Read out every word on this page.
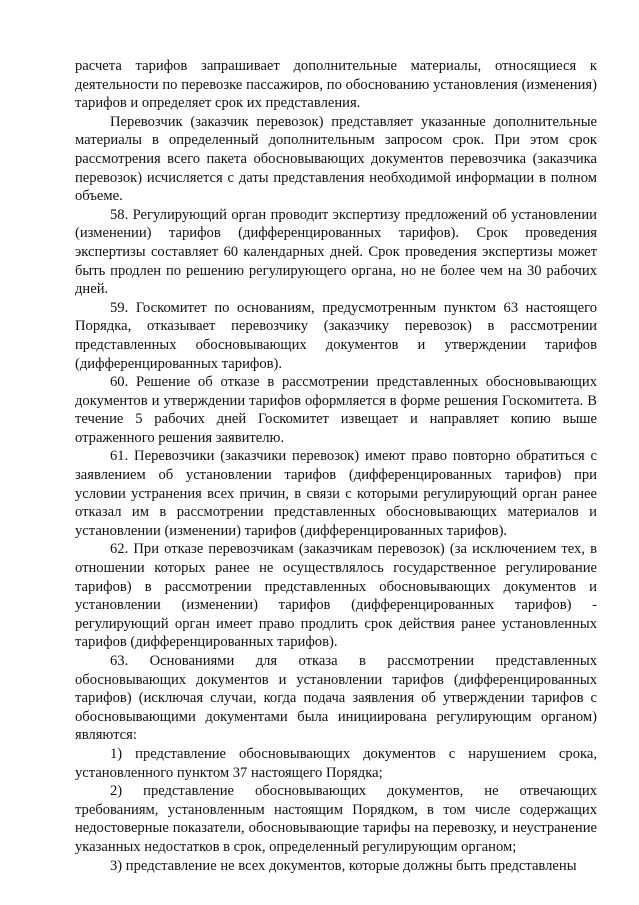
расчета тарифов запрашивает дополнительные материалы, относящиеся к деятельности по перевозке пассажиров, по обоснованию установления (изменения) тарифов и определяет срок их представления.

Перевозчик (заказчик перевозок) представляет указанные дополнительные материалы в определенный дополнительным запросом срок. При этом срок рассмотрения всего пакета обосновывающих документов перевозчика (заказчика перевозок) исчисляется с даты представления необходимой информации в полном объеме.

58. Регулирующий орган проводит экспертизу предложений об установлении (изменении) тарифов (дифференцированных тарифов). Срок проведения экспертизы составляет 60 календарных дней. Срок проведения экспертизы может быть продлен по решению регулирующего органа, но не более чем на 30 рабочих дней.

59. Госкомитет по основаниям, предусмотренным пунктом 63 настоящего Порядка, отказывает перевозчику (заказчику перевозок) в рассмотрении представленных обосновывающих документов и утверждении тарифов (дифференцированных тарифов).

60. Решение об отказе в рассмотрении представленных обосновывающих документов и утверждении тарифов оформляется в форме решения Госкомитета. В течение 5 рабочих дней Госкомитет извещает и направляет копию выше отраженного решения заявителю.

61. Перевозчики (заказчики перевозок) имеют право повторно обратиться с заявлением об установлении тарифов (дифференцированных тарифов) при условии устранения всех причин, в связи с которыми регулирующий орган ранее отказал им в рассмотрении представленных обосновывающих материалов и установлении (изменении) тарифов (дифференцированных тарифов).

62. При отказе перевозчикам (заказчикам перевозок) (за исключением тех, в отношении которых ранее не осуществлялось государственное регулирование тарифов) в рассмотрении представленных обосновывающих документов и установлении (изменении) тарифов (дифференцированных тарифов) - регулирующий орган имеет право продлить срок действия ранее установленных тарифов (дифференцированных тарифов).

63. Основаниями для отказа в рассмотрении представленных обосновывающих документов и установлении тарифов (дифференцированных тарифов) (исключая случаи, когда подача заявления об утверждении тарифов с обосновывающими документами была инициирована регулирующим органом) являются:

1) представление обосновывающих документов с нарушением срока, установленного пунктом 37 настоящего Порядка;

2) представление обосновывающих документов, не отвечающих требованиям, установленным настоящим Порядком, в том числе содержащих недостоверные показатели, обосновывающие тарифы на перевозку, и неустранение указанных недостатков в срок, определенный регулирующим органом;

3) представление не всех документов, которые должны быть представлены
